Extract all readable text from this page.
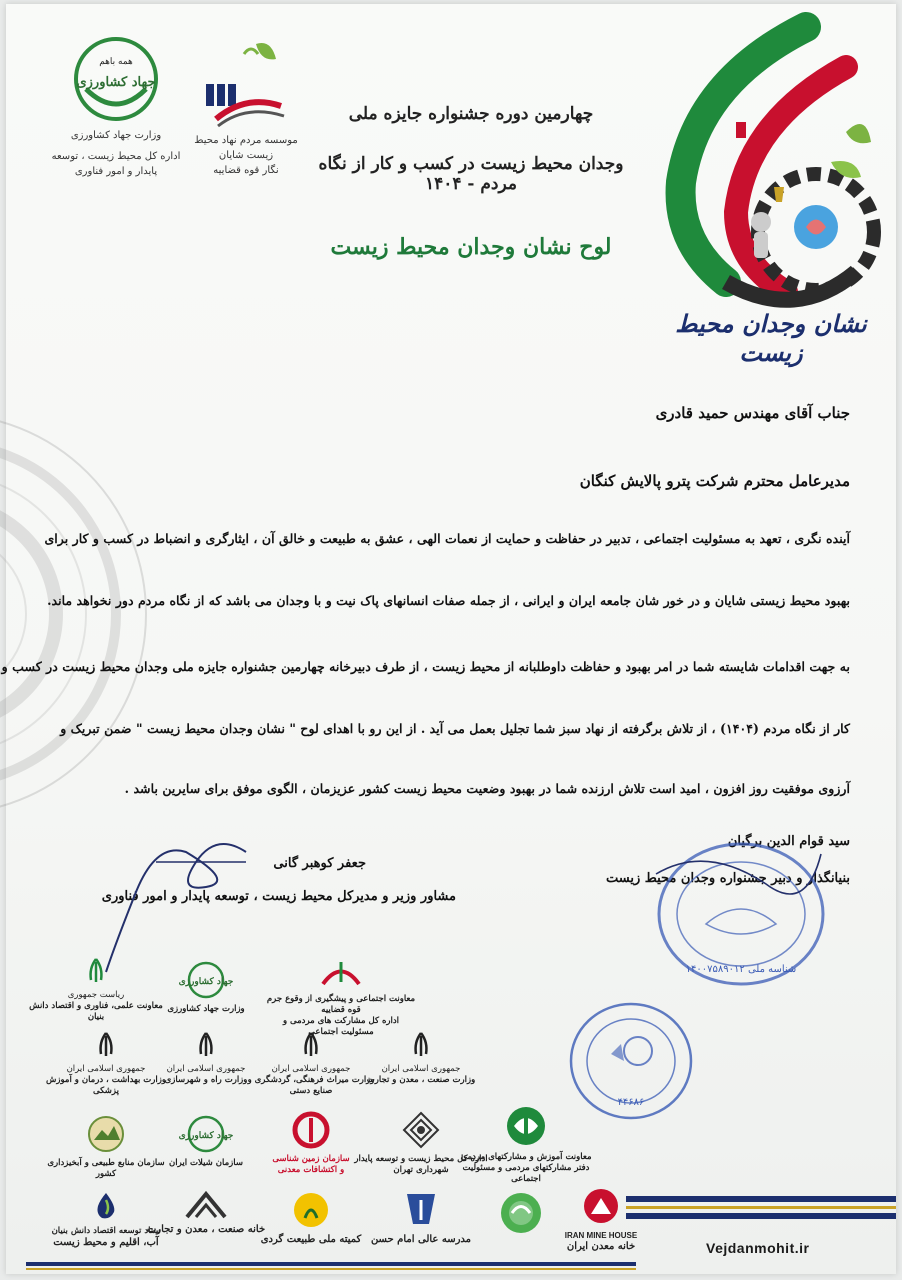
همه باهم
جهاد کشاورزی
وزارت جهاد کشاورزی
اداره کل محیط زیست ، توسعه پایدار و امور فناوری
موسسه مردم نهاد محیط زیست شایان
نگار قوه قضاییه

چهارمین دوره جشنواره جایزه ملی

وجدان محیط زیست در کسب و کار از نگاه مردم - ۱۴۰۴

لوح نشان وجدان محیط زیست

نشان وجدان محیط زیست
جناب آقای مهندس حمید قادری
مدیرعامل محترم شرکت پترو پالایش کنگان
آینده نگری ، تعهد به مسئولیت اجتماعی ، تدبیر در حفاظت و حمایت از نعمات الهی ، عشق به طبیعت و خالق آن ، ایثارگری و انضباط در کسب و کار برای
بهبود محیط زیستی شایان و در خور شان جامعه ایران و ایرانی ، از جمله صفات انسانهای پاک نیت و با وجدان می باشد که از نگاه مردم دور نخواهد ماند.
به جهت اقدامات شایسته شما در امر بهبود و حفاظت داوطلبانه از محیط زیست ، از طرف دبیرخانه چهارمین جشنواره جایزه ملی وجدان محیط زیست در کسب و
کار از نگاه مردم (۱۴۰۴) ، از تلاش برگرفته از نهاد سبز شما تجلیل بعمل می آید . از این رو با اهدای لوح " نشان وجدان محیط زیست " ضمن تبریک و
آرزوی موفقیت روز افزون ، امید است تلاش ارزنده شما در بهبود وضعیت محیط زیست کشور عزیزمان ، الگوی موفق برای سایرین باشد .
سید قوام الدین برگیان
بنیانگذار و دبیر جشنواره وجدان محیط زیست
جعفر کوهبر گانی
مشاور وزیر و مدیرکل محیط زیست ، توسعه پایدار و امور فناوری
شناسه ملی ۱۴۰۰۷۵۸۹۰۱۲
۴۴۶۸۶
ریاست جمهوری
معاونت علمی، فناوری و اقتصاد دانش بنیان
جهاد کشاورزی
وزارت جهاد کشاورزی
معاونت اجتماعی و پیشگیری از وقوع جرم قوه قضاییه
اداره کل مشارکت های مردمی و مسئولیت اجتماعی
جمهوری اسلامی ایران
وزارت بهداشت ، درمان و آموزش پزشکی
جمهوری اسلامی ایران
وزارت راه و شهرسازی
جمهوری اسلامی ایران
وزارت میراث فرهنگی، گردشگری و صنایع دستی
جمهوری اسلامی ایران
وزارت صنعت ، معدن و تجارت
سازمان منابع طبیعی و آبخیزداری کشور
جهاد کشاورزی
سازمان شیلات ایران	سازمان زمین شناسی
و اکتشافات معدنی
اداره کل محیط زیست و توسعه پایدار
شهرداری تهران
معاونت آموزش و مشارکتهای مردمی
دفتر مشارکتهای مردمی و مسئولیت اجتماعی
ستاد توسعه اقتصاد دانش بنیان
آب، اقلیم و محیط زیست
خانه صنعت ، معدن و تجارت
کمیته ملی طبیعت گردی مدرسه عالی امام حسن	IRAN MINE HOUSE
خانه معدن ایران	Vejdanmohit.ir
